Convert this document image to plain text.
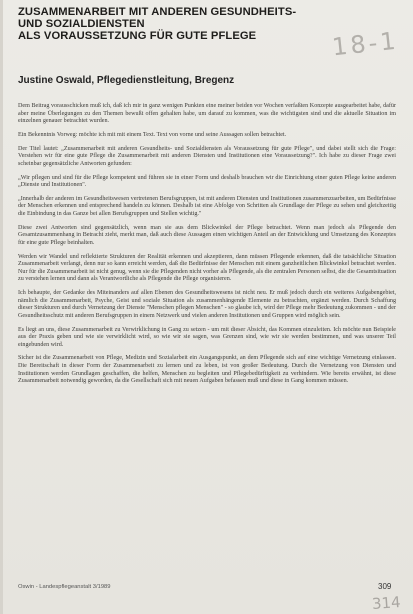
ZUSAMMENARBEIT MIT ANDEREN GESUNDHEITS-
UND SOZIALDIENSTEN
ALS VORAUSSETZUNG FÜR GUTE PFLEGE	18-1
Justine Oswald, Pflegedienstleitung, Bregenz

Dem Beitrag vorausschicken muß ich, daß ich mir in ganz wenigen Punkten eine meiner beiden vor Wochen verfaßten Konzepte ausgearbeitet habe, dafür aber meine Überlegungen zu den Themen bewußt offen gehalten habe, um darauf zu kommen, was die wichtigsten sind und die aktuelle Situation im einzelnen genauer betrachtet wurden.

Ein Bekenntnis Vorweg: möchte ich mit mit einem Text. Text von vorne und seine Aussagen sollen betrachtet.

Der Titel lautet: „Zusammenarbeit mit anderen Gesundheits- und Sozialdiensten als Voraussetzung für gute Pflege", und dabei stellt sich die Frage: Verstehen wir für eine gute Pflege die Zusammenarbeit mit anderen Diensten und Institutionen eine Voraussetzung?". Ich habe zu dieser Frage zwei scheinbar gegensätzliche Antworten gefunden:

„Wir pflegen und sind für die Pflege kompetent und führen sie in einer Form und deshalb brauchen wir die Einrichtung einer guten Pflege keine anderen „Dienste und Institutionen".

„Innerhalb der anderen im Gesundheitswesen vertretenen Berufsgruppen, ist mit anderen Diensten und Institutionen zusammenzuarbeiten, um Bedürfnisse der Menschen erkennen und entsprechend handeln zu können. Deshalb ist eine Abfolge von Schritten als Grundlage der Pflege zu sehen und gleichzeitig die Einbindung in das Ganze bei allen Berufsgruppen und Stellen wichtig."

Diese zwei Antworten sind gegensätzlich, wenn man sie aus dem Blickwinkel der Pflege betrachtet. Wenn man jedoch als Pflegende den Gesamtzusammenhang in Betracht zieht, merkt man, daß auch diese Aussagen einen wichtigen Anteil an der Entwicklung und Umsetzung des Konzeptes für eine gute Pflege beinhalten.

Werden wir Wandel und reflektierte Strukturen der Realität erkennen und akzeptieren, dann müssen Pflegende erkennen, daß die tatsächliche Situation Zusammenarbeit verlangt, denn nur so kann erreicht werden, daß die Bedürfnisse der Menschen mit einem ganzheitlichen Blickwinkel betrachtet werden. Nur für die Zusammenarbeit ist nicht genug, wenn sie die Pflegenden nicht vorher als Pflegende, als die zentralen Personen selbst, die die Gesamtsituation zu verstehen lernen und dann als Verantwortliche als Pflegende die Pflege organisieren.

Ich behaupte, der Gedanke des Miteinanders auf allen Ebenen des Gesundheitswesens ist nicht neu. Er muß jedoch durch ein weiteres Aufgabengebiet, nämlich die Zusammenarbeit, Psyche, Geist und soziale Situation als zusammenhängende Elemente zu betrachten, ergänzt werden. Durch Schaffung dieser Strukturen und durch Vernetzung der Dienste "Menschen pflegen Menschen" - so glaube ich, wird der Pflege mehr Bedeutung zukommen - und der Gesundheitsschutz mit anderen Berufsgruppen in einem Netzwerk und vielen anderen Institutionen und Gruppen wird möglich sein.

Es liegt an uns, diese Zusammenarbeit zu Verwirklichung in Gang zu setzen - um mit dieser Absicht, das Kommen einzuleiten. Ich möchte nun Beispiele aus der Praxis geben und wie sie verwirklicht wird, so wie wir sie sagen, was Grenzen sind, wie wir sie werden bestimmen, und was unserer Teil eingebunden wird.

Sicher ist die Zusammenarbeit von Pflege, Medizin und Sozialarbeit ein Ausgangspunkt, an dem Pflegende sich auf eine wichtige Vernetzung einlassen. Die Bereitschaft in dieser Form der Zusammenarbeit zu lernen und zu leben, ist von großer Bedeutung. Durch die Vernetzung von Diensten und Institutionen werden Grundlagen geschaffen, die helfen, Menschen zu begleiten und Pflegebedürftigkeit zu verhindern. Wie bereits erwähnt, ist diese Zusammenarbeit notwendig geworden, da die Gesellschaft sich mit neuen Aufgaben befassen muß und diese in Gang kommen müssen.

Oswin - Landespflegeanstalt 3/1989	309
314
